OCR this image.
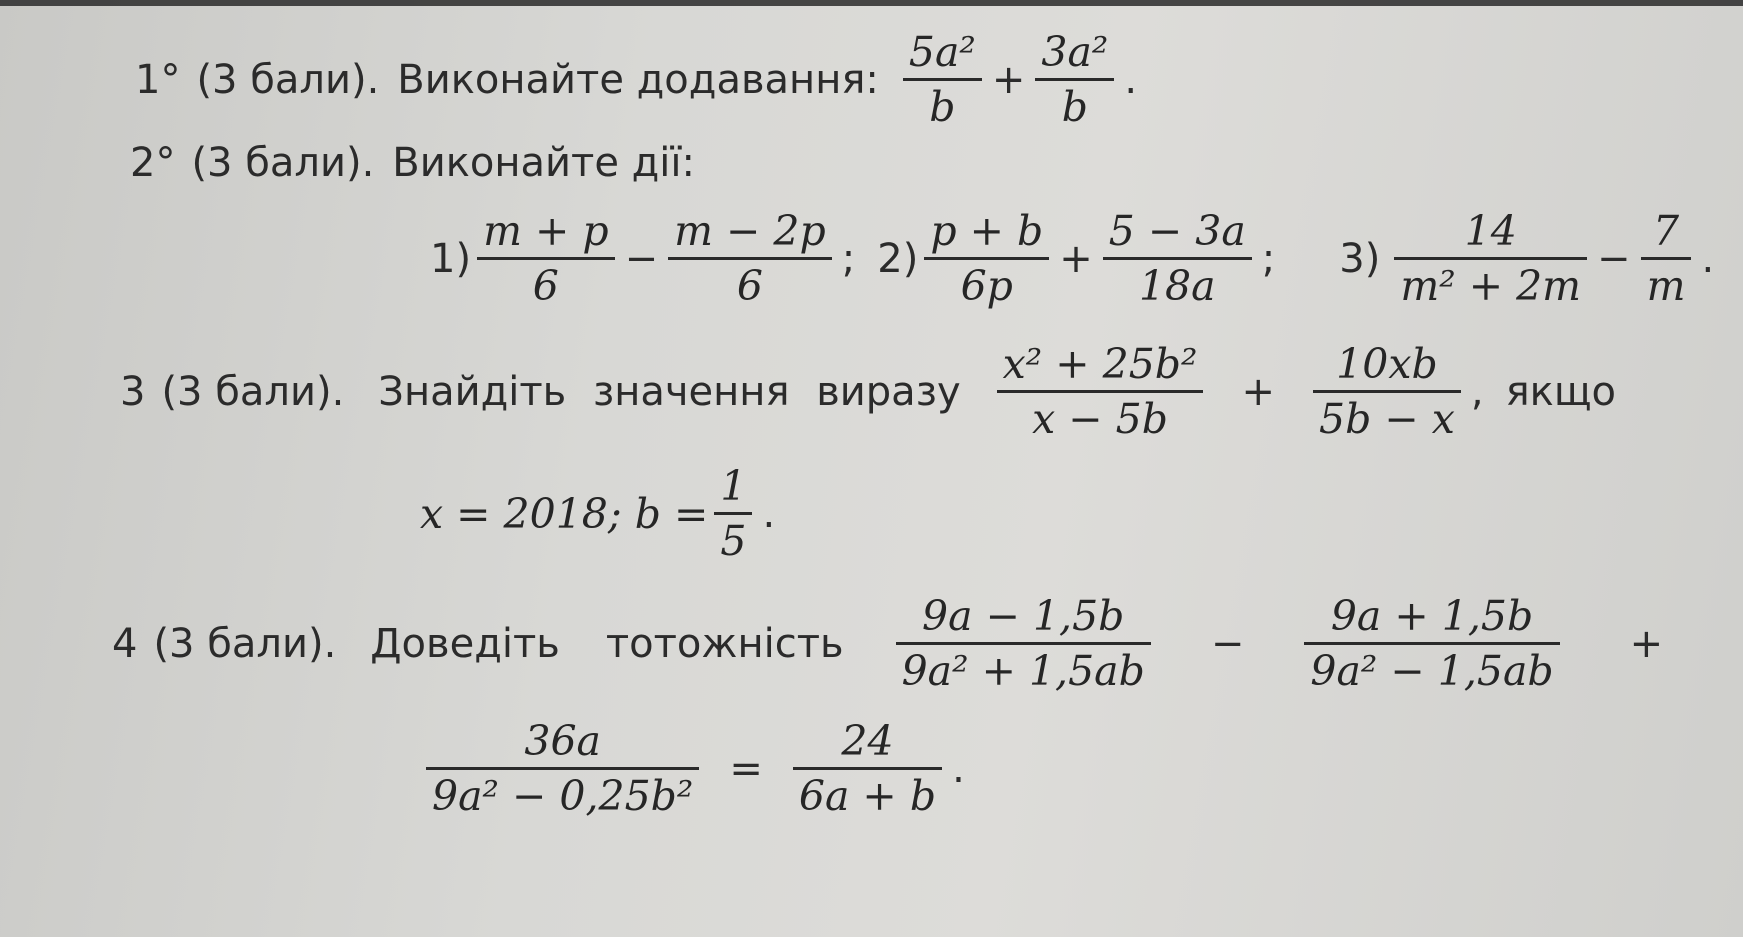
1° (3 бали). Виконайте додавання: $\frac{\text{5a²}}{b} + \frac{\text{3a²}}{b}$ .
2° (3 бали). Виконайте дії:
$1) \frac{m + p}{6} - \frac{m - 2p}{6}$ ; $2) \frac{p + b}{6p} + \frac{5 - 3a}{18a}$ ; $3) \frac{14}{\text{m² + 2m}} - \frac{7}{m}$ .
3 (3 бали). Знайдіть значення виразу $\frac{\text{x² + 25b²}}{x - 5b} + \frac{10xb}{5b - x}$ , якщо
x = 2018; $b = \frac{1}{5}$ .
4 (3 бали). Доведіть тотожність $\frac{9a - 1,5b}{\text{9a² + 1,5ab}} - \frac{9a + 1,5b}{\text{9a² − 1,5ab}}$ +
$\frac{36a}{\text{9a² − 0,25b²}} = \frac{24}{6a + b}$ .
